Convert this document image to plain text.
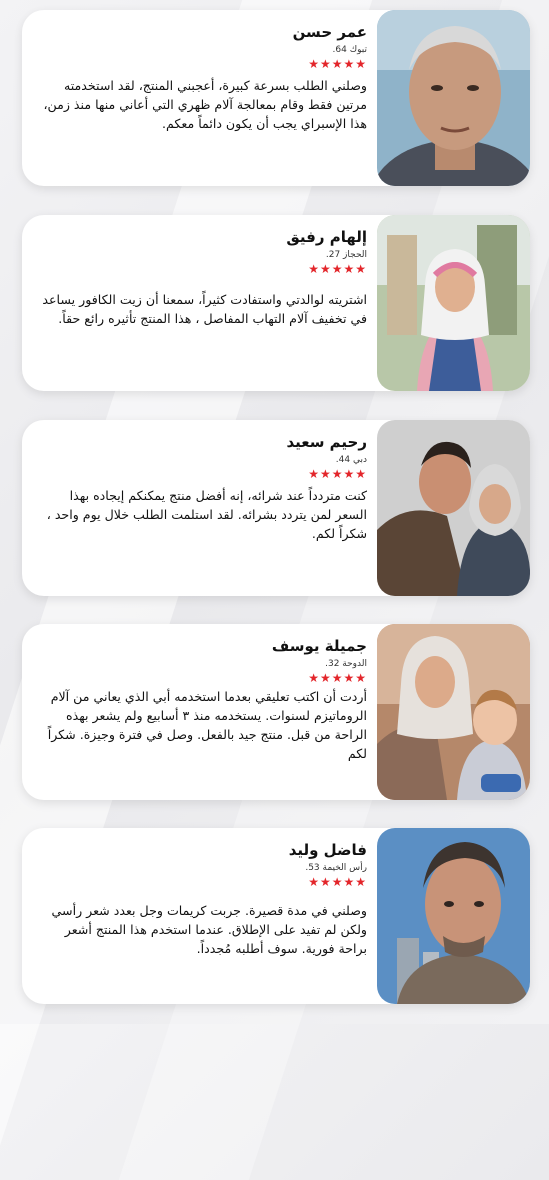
عمر حسن
تبوك 64.
★★★★★
وصلني الطلب بسرعة كبيرة، أعجبني المنتج، لقد استخدمته مرتين فقط وقام بمعالجة آلام ظهري التي أعاني منها منذ زمن، هذا الإسبراي يجب أن يكون دائماً معكم.
إلهام رفيق
الحجاز 27.
★★★★★
اشتريته لوالدتي واستفادت كثيراً، سمعنا أن زيت الكافور يساعد في تخفيف آلام التهاب المفاصل ، هذا المنتج تأثيره رائع حقاً.
رحيم سعيد
دبي 44.
★★★★★
كنت متردداً عند شرائه، إنه أفضل منتج يمكنكم إيجاده بهذا السعر لمن يتردد بشرائه. لقد استلمت الطلب خلال يوم واحد ، شكراً لكم.
جميلة يوسف
الدوحة 32.
★★★★★
أردت أن اكتب تعليقي بعدما استخدمه أبي الذي يعاني من آلام الروماتيزم لسنوات. يستخدمه منذ ٣ أسابيع ولم يشعر بهذه الراحة من قبل. منتج جيد بالفعل. وصل في فترة وجيزة. شكراً لكم
فاضل وليد
رأس الخيمة 53.
★★★★★
وصلني في مدة قصيرة. جربت كريمات وجل بعدد شعر رأسي ولكن لم تفيد على الإطلاق. عندما استخدم هذا المنتج أشعر براحة فورية. سوف أطلبه مُجدداً.
